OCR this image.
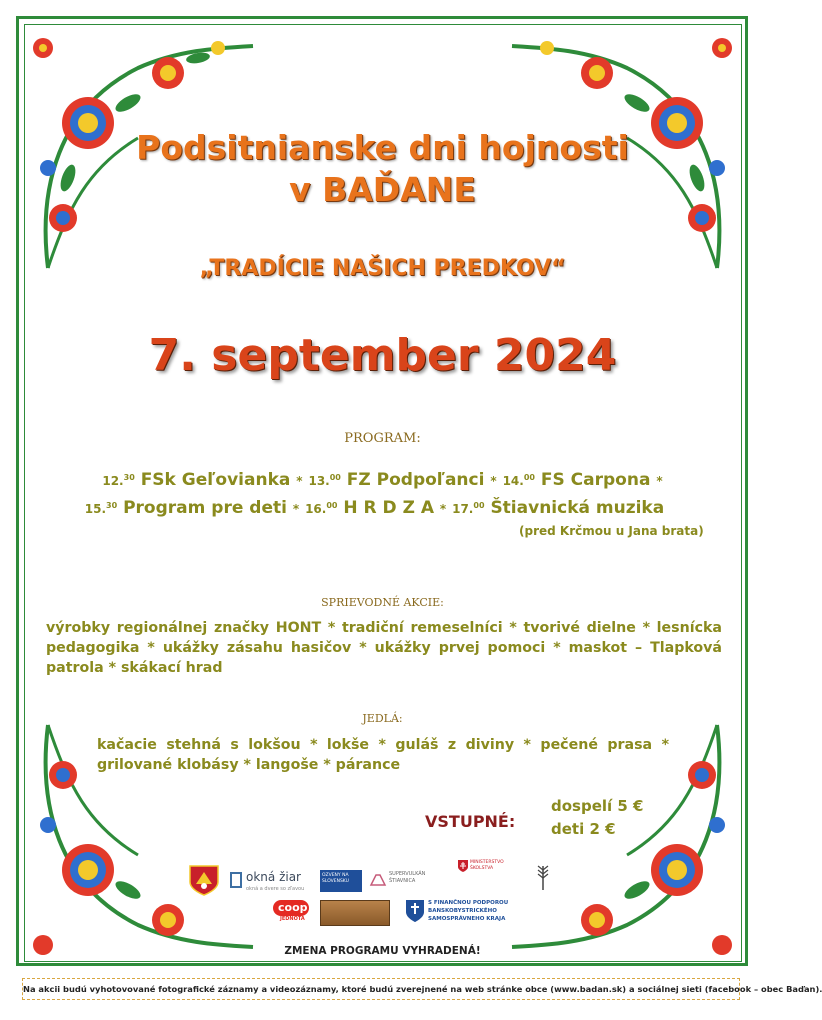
Podsitnianske dni hojnosti
v BAĎANE
„TRADÍCIE NAŠICH PREDKOV“
7. september 2024
PROGRAM:
12.30 FSk Geľovianka * 13.00 FZ Podpoľanci * 14.00 FS Carpona *
15.30 Program pre deti * 16.00 H R D Z A * 17.00 Štiavnická muzika
(pred Krčmou u Jana brata)
SPRIEVODNÉ AKCIE:
výrobky regionálnej značky HONT * tradiční remeselníci * tvorivé dielne * lesnícka pedagogika * ukážky zásahu hasičov * ukážky prvej pomoci * maskot – Tlapková patrola * skákací hrad
JEDLÁ:
kačacie stehná s lokšou * lokše * guláš z diviny * pečené prasa * grilované klobásy * langoše * párance
VSTUPNÉ:
dospelí 5 €
deti 2 €
okná žiar
okná a dvere so zľavou
OZVENY NA SLOVENSKU
SUPERVULKÁN ŠTIAVNICA
MINISTERSTVO ŠKOLSTVA
coop
JEDNOTA
S FINANČNOU PODPOROU
BANSKOBYSTRICKÉHO
SAMOSPRÁVNEHO KRAJA
ZMENA PROGRAMU VYHRADENÁ!
Na akcii budú vyhotovované fotografické záznamy a videozáznamy, ktoré budú zverejnené na web stránke obce (www.badan.sk) a sociálnej sieti (facebook – obec Baďan).
